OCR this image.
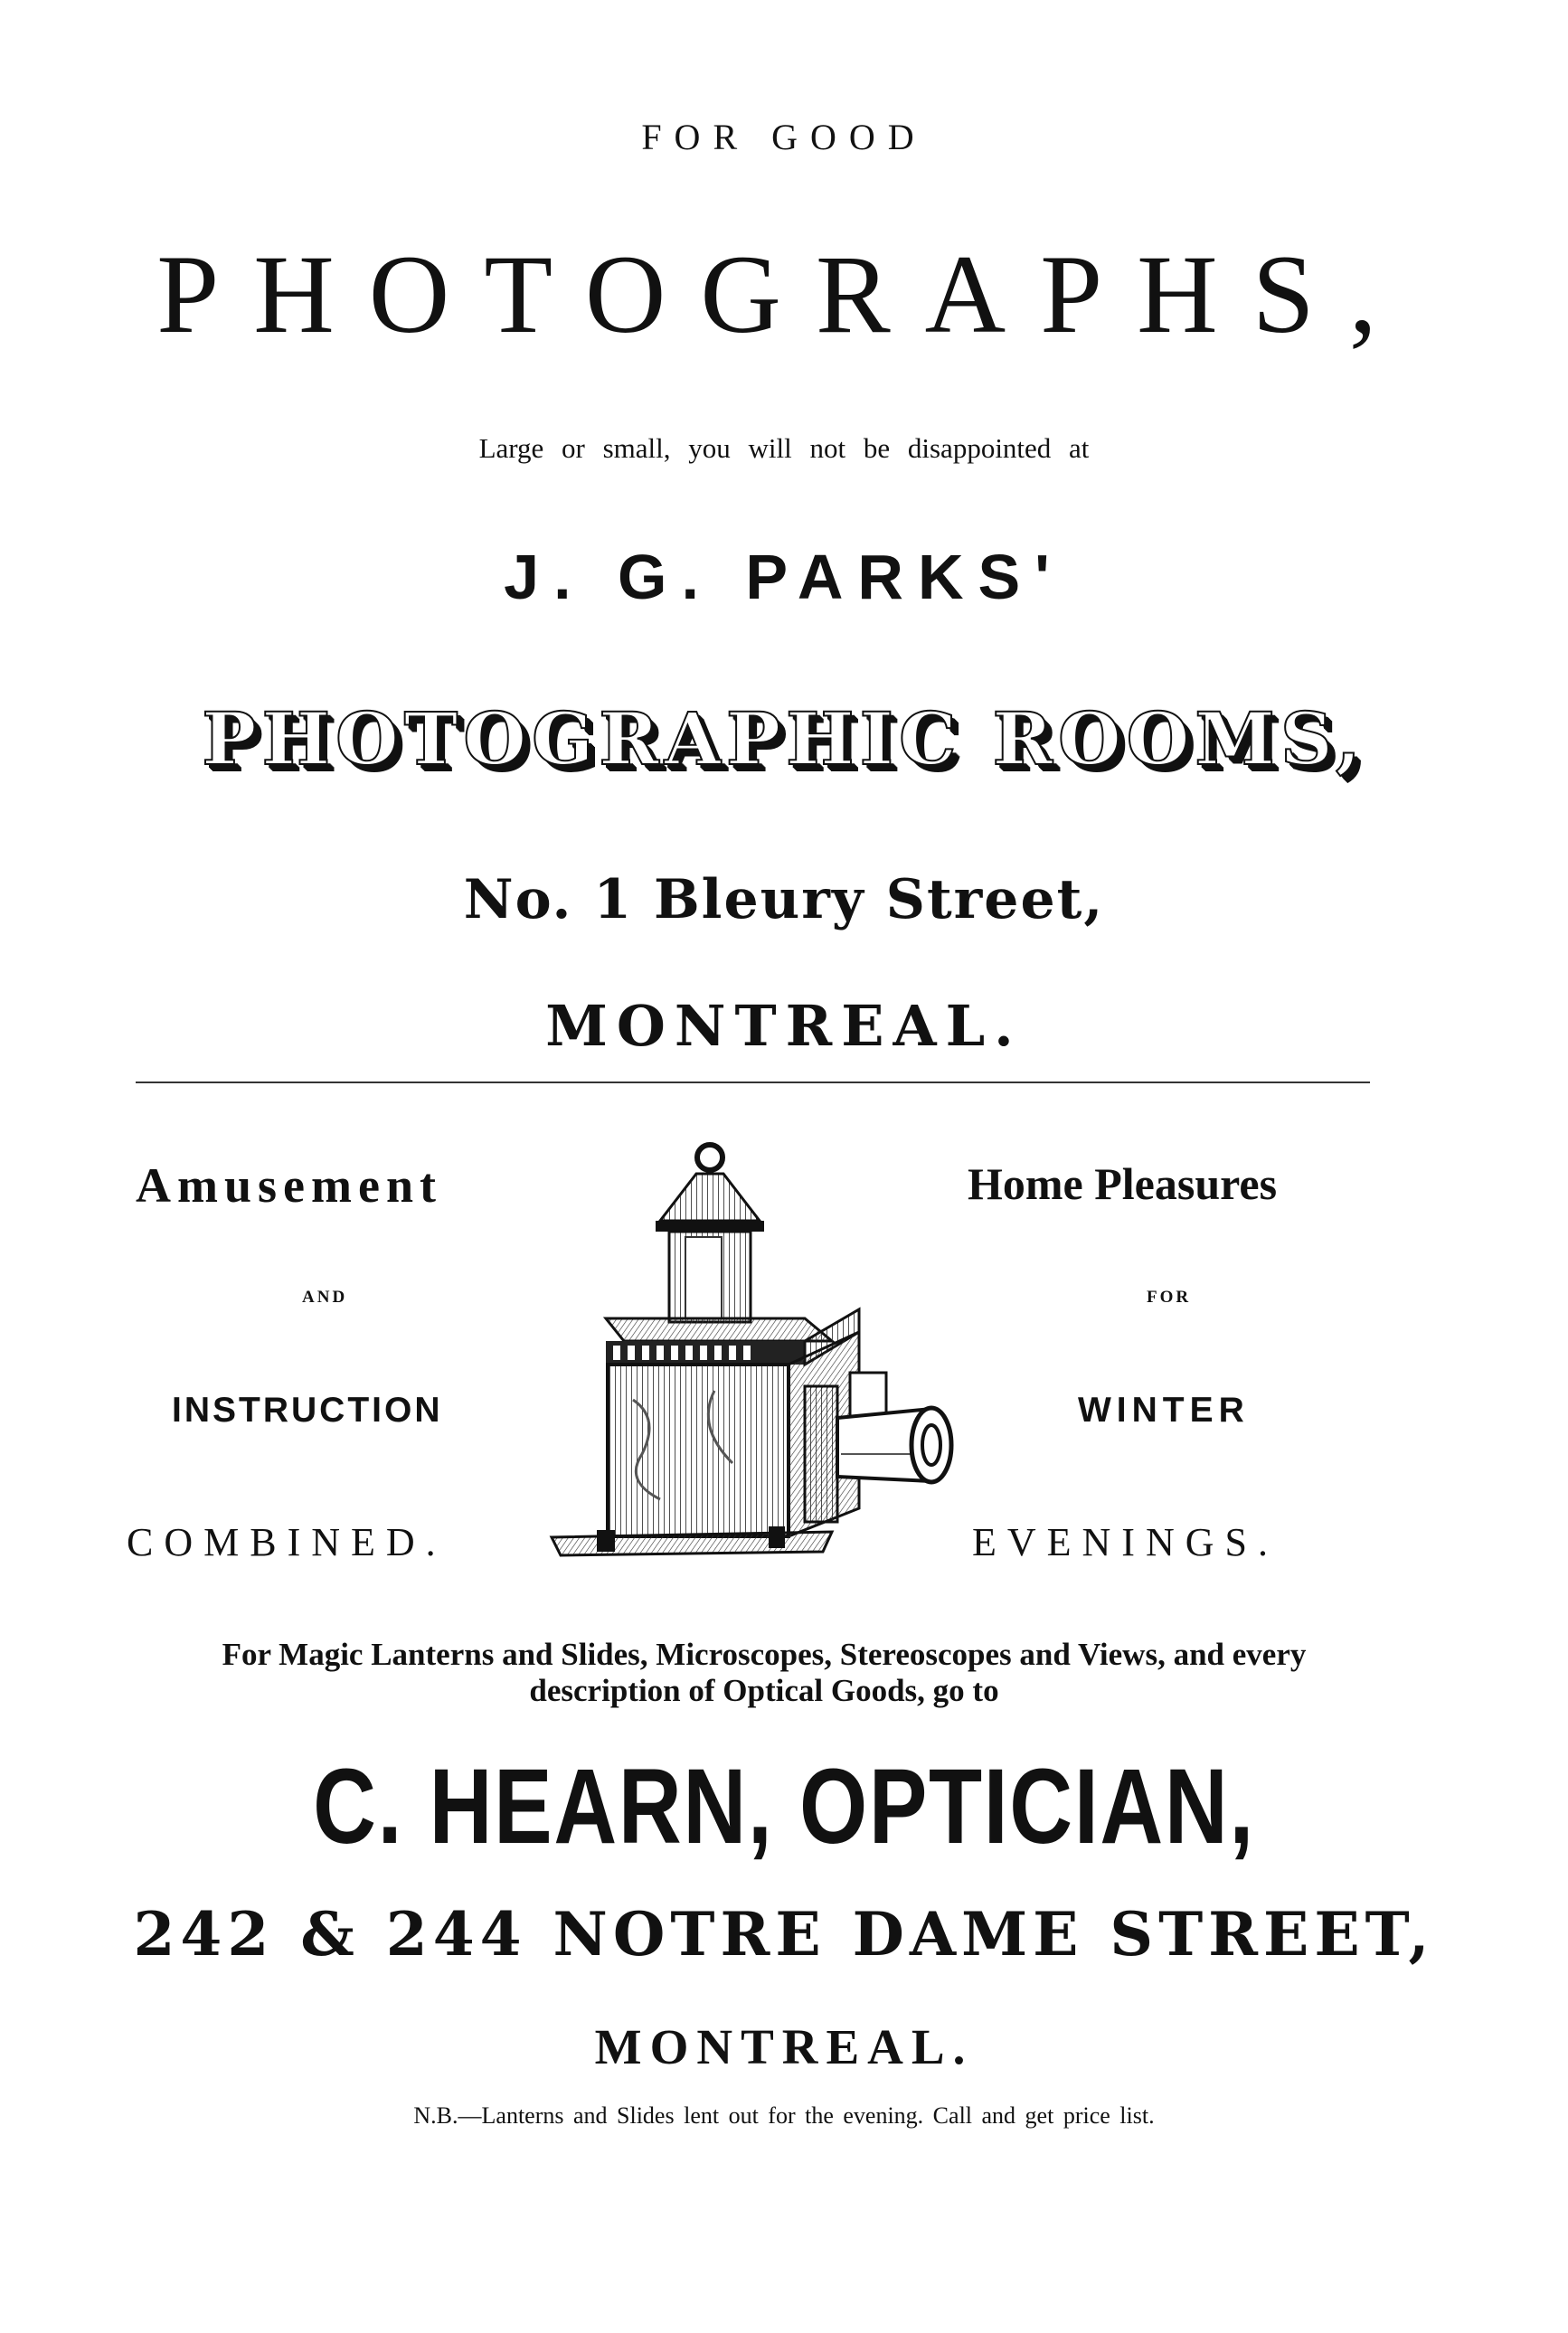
FOR GOOD
PHOTOGRAPHS,
Large or small, you will not be disappointed at
J. G. PARKS'
PHOTOGRAPHIC ROOMS,
No. 1 Bleury Street,
MONTREAL.
Amusement
AND
INSTRUCTION
COMBINED.
Home Pleasures
FOR
WINTER
EVENINGS.
For Magic Lanterns and Slides, Microscopes, Stereoscopes and Views, and every
description of Optical Goods, go to
C. HEARN, OPTICIAN,
242 & 244 NOTRE DAME STREET,
MONTREAL.
N.B.—Lanterns and Slides lent out for the evening. Call and get price list.
